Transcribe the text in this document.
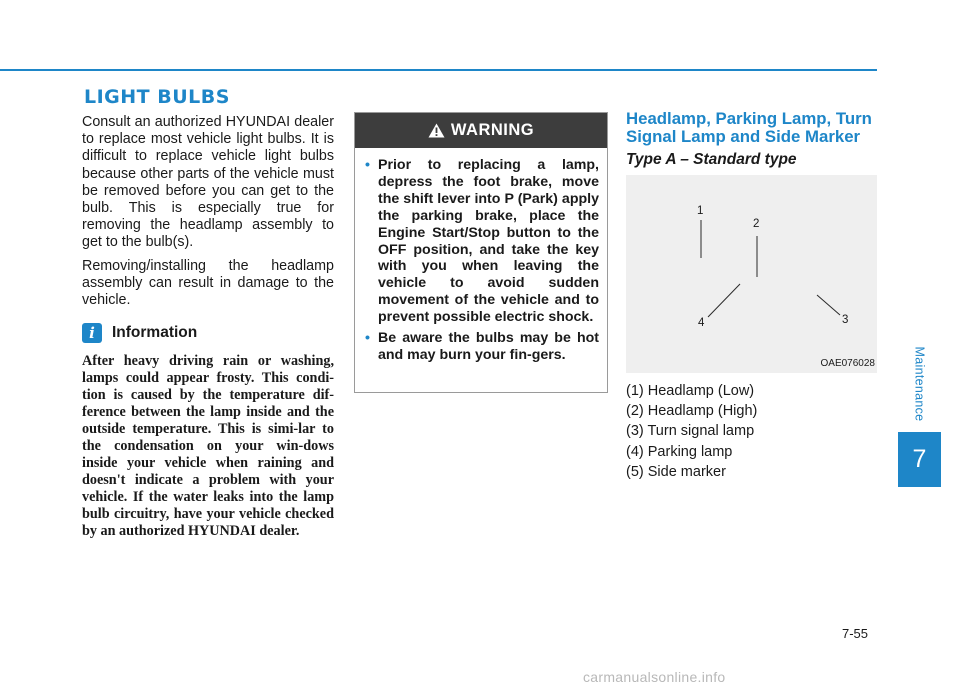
LIGHT BULBS

Consult an authorized HYUNDAI dealer to replace most vehicle light bulbs. It is difficult to replace vehicle light bulbs because other parts of the vehicle must be removed before you can get to the bulb. This is especially true for removing the headlamp assembly to get to the bulb(s).

Removing/installing the headlamp assembly can result in damage to the vehicle.

i	Information

After heavy driving rain or washing, lamps could appear frosty. This condi-tion is caused by the temperature dif-ference between the lamp inside and the outside temperature. This is simi-lar to the condensation on your win-dows inside your vehicle when raining and doesn't indicate a problem with your vehicle. If the water leaks into the lamp bulb circuitry, have your vehicle checked by an authorized HYUNDAI dealer.

WARNING
• Prior to replacing a lamp, depress the foot brake, move the shift lever into P (Park) apply the parking brake, place the Engine Start/Stop button to the OFF position, and take the key with you when leaving the vehicle to avoid sudden movement of the vehicle and to prevent possible electric shock.
• Be aware the bulbs may be hot and may burn your fin-gers.
Headlamp, Parking Lamp, Turn Signal Lamp and Side Marker
Type A – Standard type
1
2
3
4
OAE076028
(1) Headlamp (Low)
(2) Headlamp (High)
(3) Turn signal lamp
(4) Parking lamp
(5) Side marker
Maintenance
7
7-55
carmanualsonline.info
